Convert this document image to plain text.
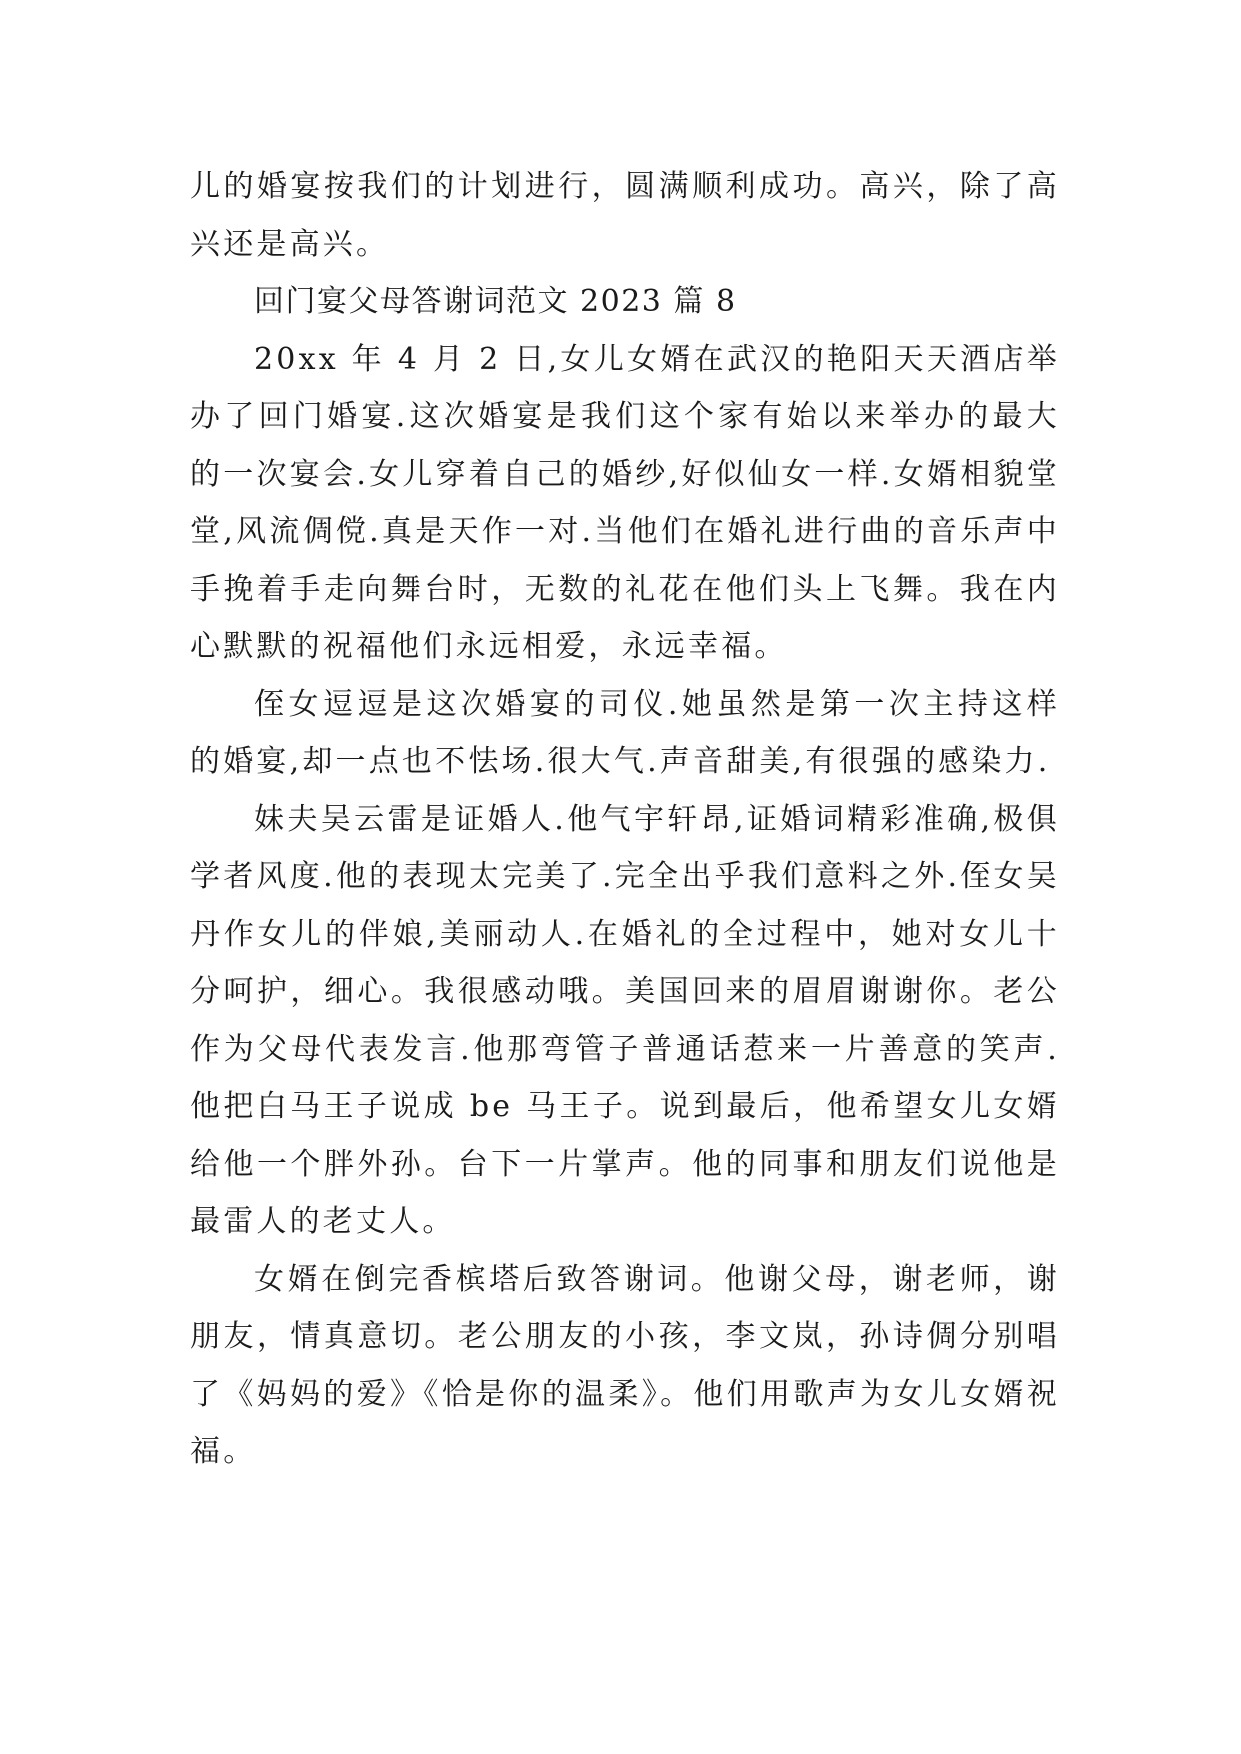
儿的婚宴按我们的计划进行，圆满顺利成功。高兴，除了高兴还是高兴。

回门宴父母答谢词范文 2023 篇 8

20xx 年 4 月 2 日,女儿女婿在武汉的艳阳天天酒店举办了回门婚宴.这次婚宴是我们这个家有始以来举办的最大的一次宴会.女儿穿着自己的婚纱,好似仙女一样.女婿相貌堂堂,风流倜傥.真是天作一对.当他们在婚礼进行曲的音乐声中手挽着手走向舞台时，无数的礼花在他们头上飞舞。我在内心默默的祝福他们永远相爱，永远幸福。

侄女逗逗是这次婚宴的司仪.她虽然是第一次主持这样的婚宴,却一点也不怯场.很大气.声音甜美,有很强的感染力.

妹夫吴云雷是证婚人.他气宇轩昂,证婚词精彩准确,极俱学者风度.他的表现太完美了.完全出乎我们意料之外.侄女吴丹作女儿的伴娘,美丽动人.在婚礼的全过程中，她对女儿十分呵护，细心。我很感动哦。美国回来的眉眉谢谢你。老公作为父母代表发言.他那弯管子普通话惹来一片善意的笑声.他把白马王子说成 be 马王子。说到最后，他希望女儿女婿给他一个胖外孙。台下一片掌声。他的同事和朋友们说他是最雷人的老丈人。

女婿在倒完香槟塔后致答谢词。他谢父母，谢老师，谢朋友，情真意切。老公朋友的小孩，李文岚，孙诗倜分别唱了《妈妈的爱》《恰是你的温柔》。他们用歌声为女儿女婿祝福。
